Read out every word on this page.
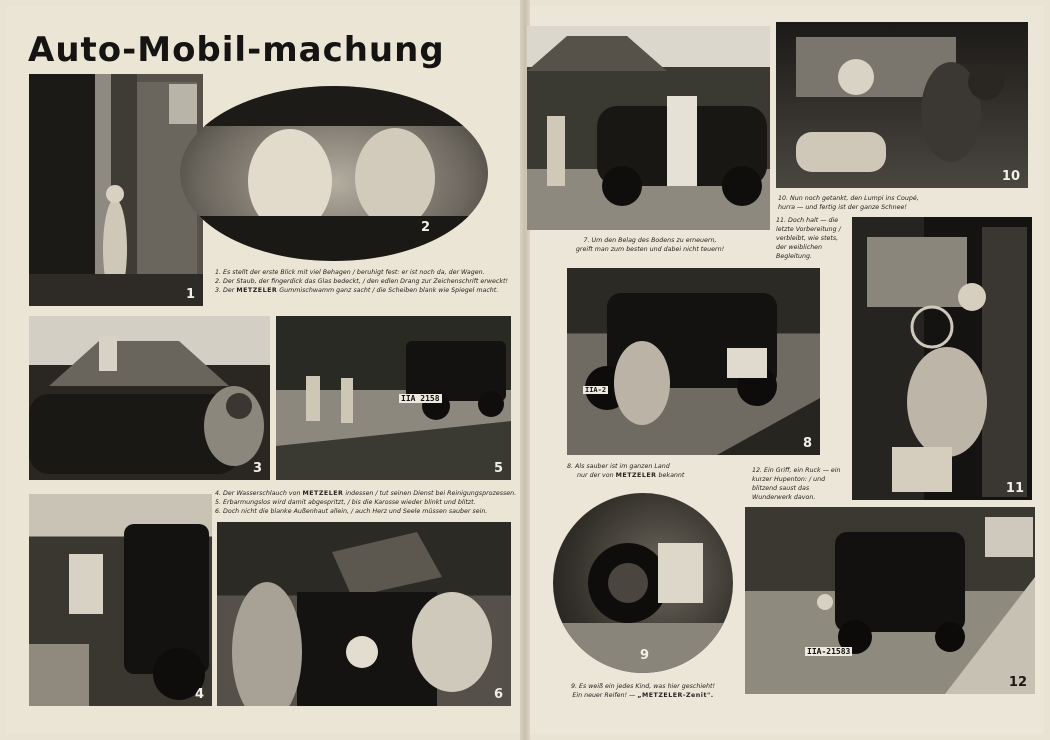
Auto-Mobil-machung
1
2

1. Es stellt der erste Blick mit viel Behagen / beruhigt fest: er ist noch da, der Wagen.

2. Der Staub, der fingerdick das Glas bedeckt, / den edlen Drang zur Zeichenschrift erweckt!

3. Der METZELER Gummischwamm ganz sacht / die Scheiben blank wie Spiegel macht.

3
IIA 2158
5

4. Der Wasserschlauch von METZELER indessen / tut seinen Dienst bei Reinigungsprozessen.

5. Erbarmungslos wird damit abgespritzt, / bis die Karosse wieder blinkt und blitzt.

6. Doch nicht die blanke Außenhaut allein, / auch Herz und Seele müssen sauber sein.

4	6

7. Um den Belag des Bodens zu erneuern,

greift man zum besten und dabei nicht teuern!

10

10. Nun noch getankt, den Lumpi ins Coupé,

hurra — und fertig ist der ganze Schnee!

11. Doch halt — die letzte Vorbereitung / verbleibt, wie stets, der weiblichen Begleitung.

11
IIA-2
8

8. Als sauber ist im ganzen Land

nur der von METZELER bekannt

12. Ein Griff, ein Ruck — ein kurzer Hupenton: / und blitzend saust das Wunderwerk davon.

9

9. Es weiß ein jedes Kind, was hier geschieht!

Ein neuer Reifen! — „METZELER-Zenit".

IIA-21583
12
